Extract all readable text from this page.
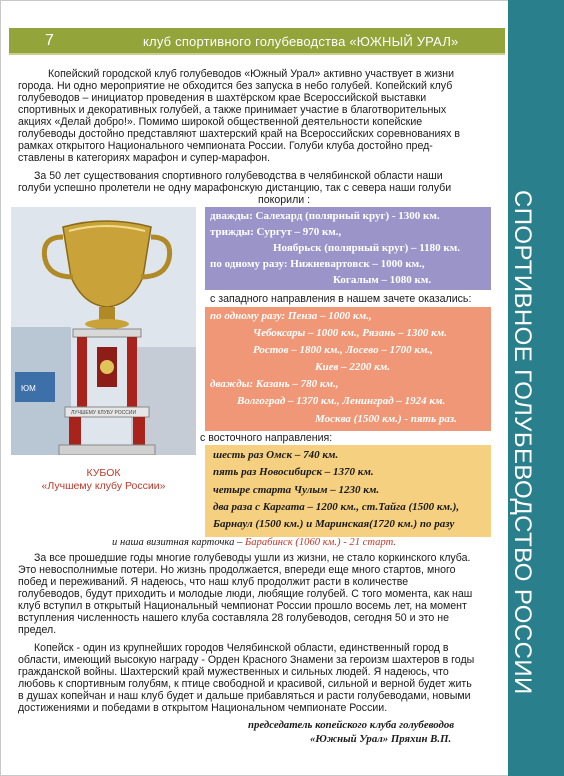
7	клуб спортивного голубеводства «ЮЖНЫЙ УРАЛ»
СПОРТИВНОЕ ГОЛУБЕВОДСТВО РОССИИ

Копейский городской клуб голубеводов «Южный Урал» активно участвует в жизни

города. Ни одно мероприятие не обходится без запуска в небо голубей. Копейский клуб

голубеводов – инициатор проведения в шахтёрском крае Всероссийской выставки

спортивных и декоративных голубей, а также принимает участие в благотворительных

акциях «Делай добро!». Помимо широкой общественной деятельности копейские

голубеводы достойно представляют шахтерский край на Всероссийских соревнованиях в

рамках открытого Национального чемпионата России. Голуби клуба достойно пред-

ставлены в категориях марафон и супер-марафон.

За 50 лет существования спортивного голубеводства в челябинской области наши

голуби успешно пролетели не одну марафонскую дистанцию, так с севера наши голуби

покорили :
ЮМ
ЛУЧШЕМУ КЛУБУ РОССИИ
КУБОК
«Лучшему клубу России»
дважды: Салехард (полярный круг) - 1300 км.
трижды: Сургут – 970 км.,
Ноябрьск (полярный круг) – 1180 км.
по одному разу: Нижневартовск – 1000 км.,
Когалым – 1080 км.
с западного направления в нашем зачете оказались:
по одному разу: Пенза – 1000 км.,
Чебоксары – 1000 км., Рязань – 1300 км.
Ростов – 1800 км., Лосево – 1700 км.,
Киев – 2200 км.
дважды: Казань – 780 км.,
Волгоград – 1370 км., Ленинград – 1924 км.
Москва (1500 км.) - пять раз.
с восточного направления:
шесть раз Омск – 740 км.
пять раз Новосибирск – 1370 км.
четыре старта Чулым – 1230 км.
два раза с Каргата – 1200 км., ст.Тайга (1500 км.),
Барнаул (1500 км.) и Маринская(1720 км.) по разу
и наша визитная карточка – Барабинск (1060 км.) - 21 старт.

За все прошедшие годы многие голубеводы ушли из жизни, не стало коркинского клуба.

Это невосполнимые потери. Но жизнь продолжается, впереди еще много стартов, много

побед и переживаний. Я надеюсь, что наш клуб продолжит расти в количестве

голубеводов, будут приходить и молодые люди, любящие голубей. С того момента, как наш

клуб вступил в открытый Национальный чемпионат России прошло восемь лет, на момент

вступления численность нашего клуба составляла 28 голубеводов, сегодня 50 и это не

предел.

Копейск - один из крупнейших городов Челябинской области, единственный город в

области, имеющий высокую награду - Орден Красного Знамени за героизм шахтеров в годы

гражданской войны. Шахтерский край мужественных и сильных людей. Я надеюсь, что

любовь к спортивным голубям, к птице свободной и красивой, сильной и верной будет жить

в душах копейчан и наш клуб будет и дальше прибавляться и расти голубеводами, новыми

достижениями и победами в открытом Национальном чемпионате России.

председатель копейского клуба голубеводов
«Южный Урал» Пряхин В.П.
